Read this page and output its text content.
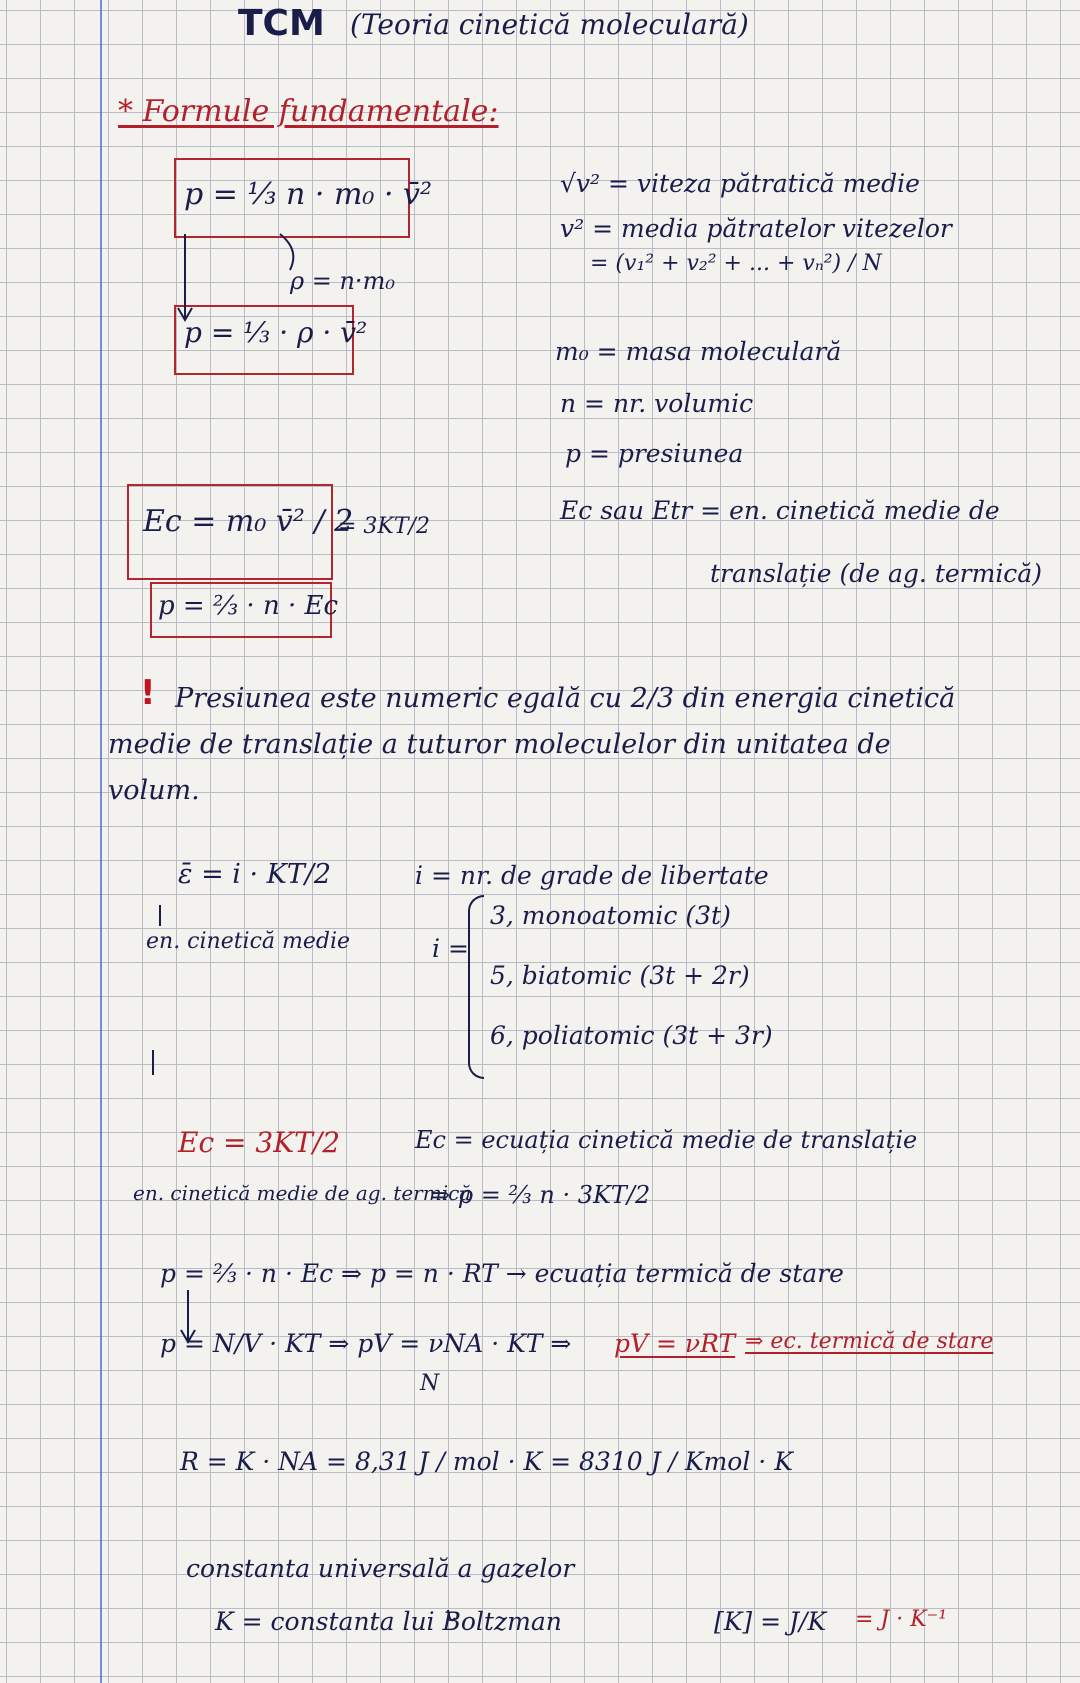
TCM (Teoria cinetică moleculară)
* Formule fundamentale:
p = ⅓ n · m₀ · v̄²
ρ = n·m₀
p = ⅓ · ρ · v̄²
Ec = m₀ v̄² / 2
= 3KT/2
p = ⅔ · n · Ec
√v² = viteza pătratică medie
v² = media pătratelor vitezelor
= (v₁² + v₂² + ... + vₙ²) / N
m₀ = masa moleculară
n = nr. volumic
p = presiunea
Ec sau Etr = en. cinetică medie de
translație (de ag. termică)
! Presiunea este numeric egală cu 2/3 din energia cinetică
medie de translație a tuturor moleculelor din unitatea de
volum.
ε̄ = i · KT/2
en. cinetică medie
i = nr. de grade de libertate
i =
3, monoatomic (3t)
5, biatomic (3t + 2r)
6, poliatomic (3t + 3r)
Ec = 3KT/2	Ec = ecuația cinetică medie de translație
en. cinetică medie de ag. termică
⇒ p = ⅔ n · 3KT/2
p = ⅔ · n · Ec ⇒ p = n · RT → ecuația termică de stare
p = N/V · KT ⇒ pV = νNA · KT ⇒ pV = νRT ⇒ ec. termică de stare
N
R = K · NA = 8,31 J / mol · K = 8310 J / Kmol · K
constanta universală a gazelor
K = constanta lui Boltzman	[K] = J/K = J · K⁻¹
